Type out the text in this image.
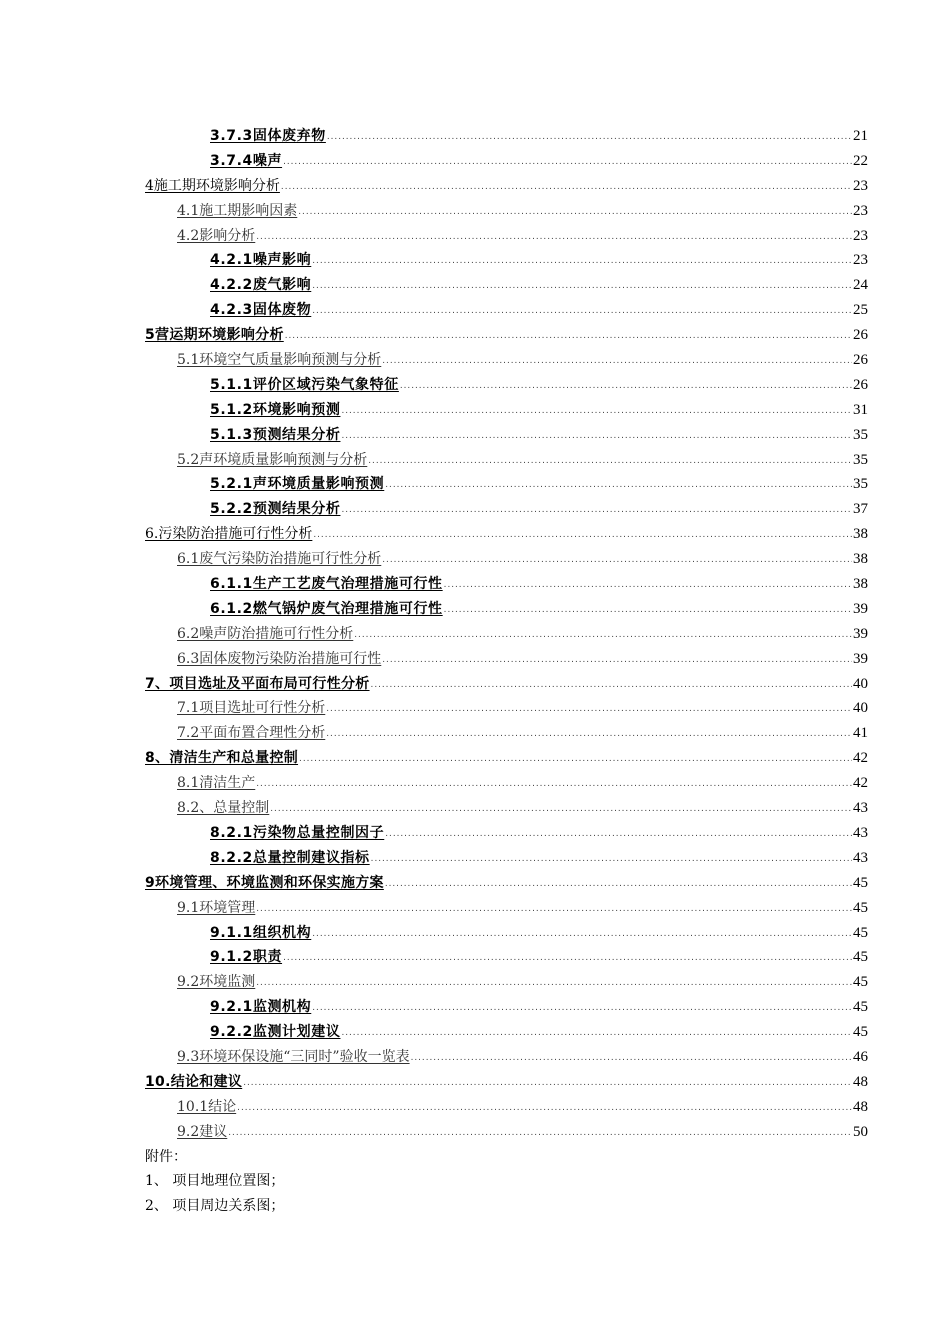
3.7.3固体废弃物 .....	21
3.7.4噪声 .....	22
4施工期环境影响分析 .....	23
4.1施工期影响因素 .....	23
4.2影响分析 .....	23
4.2.1噪声影响 .....	23
4.2.2废气影响 .....	24
4.2.3固体废物 .....	25
5营运期环境影响分析 .....	26
5.1环境空气质量影响预测与分析 .....	26
5.1.1评价区域污染气象特征 .....	26
5.1.2环境影响预测 .....	31
5.1.3预测结果分析 .....	35
5.2声环境质量影响预测与分析 .....	35
5.2.1声环境质量影响预测 .....	35
5.2.2预测结果分析 .....	37
6.污染防治措施可行性分析 .....	38
6.1废气污染防治措施可行性分析 .....	38
6.1.1生产工艺废气治理措施可行性 .....	38
6.1.2燃气锅炉废气治理措施可行性 .....	39
6.2噪声防治措施可行性分析 .....	39
6.3固体废物污染防治措施可行性 .....	39
7、项目选址及平面布局可行性分析 .....	40
7.1项目选址可行性分析 .....	40
7.2平面布置合理性分析 .....	41
8、清洁生产和总量控制 .....	42
8.1清洁生产 .....	42
8.2、总量控制 .....	43
8.2.1污染物总量控制因子 .....	43
8.2.2总量控制建议指标 .....	43
9环境管理、环境监测和环保实施方案 .....	45
9.1环境管理 .....	45
9.1.1组织机构 .....	45
9.1.2职责 .....	45
9.2环境监测 .....	45
9.2.1监测机构 .....	45
9.2.2监测计划建议 .....	45
9.3环境环保设施“三同时”验收一览表 .....	46
10.结论和建议 .....	48
10.1结论 .....	48
9.2建议 .....	50
附件：
1、 项目地理位置图；
2、 项目周边关系图；
